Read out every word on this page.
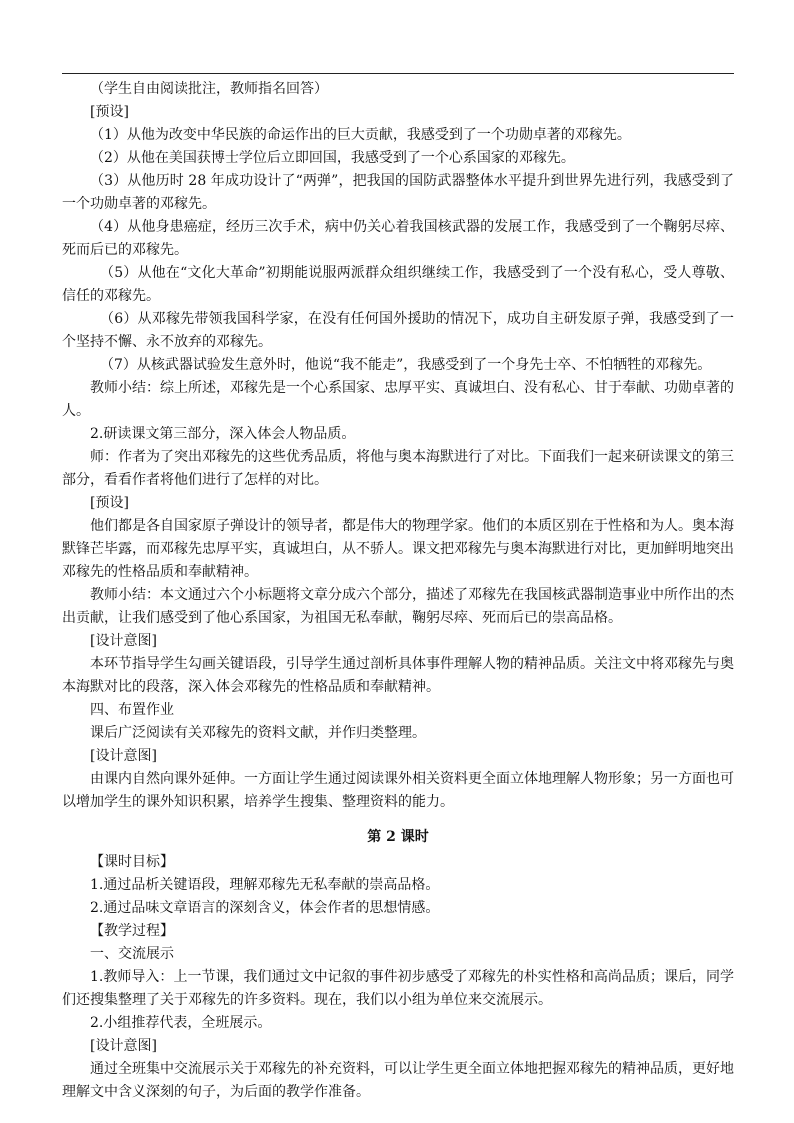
（学生自由阅读批注，教师指名回答）

[预设]

（1）从他为改变中华民族的命运作出的巨大贡献，我感受到了一个功勋卓著的邓稼先。

（2）从他在美国获博士学位后立即回国，我感受到了一个心系国家的邓稼先。

（3）从他历时 28 年成功设计了“两弹”，把我国的国防武器整体水平提升到世界先进行列，我感受到了一个功勋卓著的邓稼先。

（4）从他身患癌症，经历三次手术，病中仍关心着我国核武器的发展工作，我感受到了一个鞠躬尽瘁、死而后已的邓稼先。

（5）从他在“文化大革命”初期能说服两派群众组织继续工作，我感受到了一个没有私心，受人尊敬、信任的邓稼先。

（6）从邓稼先带领我国科学家，在没有任何国外援助的情况下，成功自主研发原子弹，我感受到了一个坚持不懈、永不放弃的邓稼先。

（7）从核武器试验发生意外时，他说“我不能走”，我感受到了一个身先士卒、不怕牺牲的邓稼先。

教师小结：综上所述，邓稼先是一个心系国家、忠厚平实、真诚坦白、没有私心、甘于奉献、功勋卓著的人。

2.研读课文第三部分，深入体会人物品质。

师：作者为了突出邓稼先的这些优秀品质，将他与奥本海默进行了对比。下面我们一起来研读课文的第三部分，看看作者将他们进行了怎样的对比。

[预设]

他们都是各自国家原子弹设计的领导者，都是伟大的物理学家。他们的本质区别在于性格和为人。奥本海默锋芒毕露，而邓稼先忠厚平实，真诚坦白，从不骄人。课文把邓稼先与奥本海默进行对比，更加鲜明地突出邓稼先的性格品质和奉献精神。

教师小结：本文通过六个小标题将文章分成六个部分，描述了邓稼先在我国核武器制造事业中所作出的杰出贡献，让我们感受到了他心系国家，为祖国无私奉献，鞠躬尽瘁、死而后已的崇高品格。

[设计意图]

本环节指导学生勾画关键语段，引导学生通过剖析具体事件理解人物的精神品质。关注文中将邓稼先与奥本海默对比的段落，深入体会邓稼先的性格品质和奉献精神。

四、布置作业

课后广泛阅读有关邓稼先的资料文献，并作归类整理。

[设计意图]

由课内自然向课外延伸。一方面让学生通过阅读课外相关资料更全面立体地理解人物形象；另一方面也可以增加学生的课外知识积累，培养学生搜集、整理资料的能力。

第 2 课时

【课时目标】

1.通过品析关键语段，理解邓稼先无私奉献的崇高品格。

2.通过品味文章语言的深刻含义，体会作者的思想情感。

【教学过程】

一、交流展示

1.教师导入：上一节课，我们通过文中记叙的事件初步感受了邓稼先的朴实性格和高尚品质；课后，同学们还搜集整理了关于邓稼先的许多资料。现在，我们以小组为单位来交流展示。

2.小组推荐代表，全班展示。

[设计意图]

通过全班集中交流展示关于邓稼先的补充资料，可以让学生更全面立体地把握邓稼先的精神品质，更好地理解文中含义深刻的句子，为后面的教学作准备。
